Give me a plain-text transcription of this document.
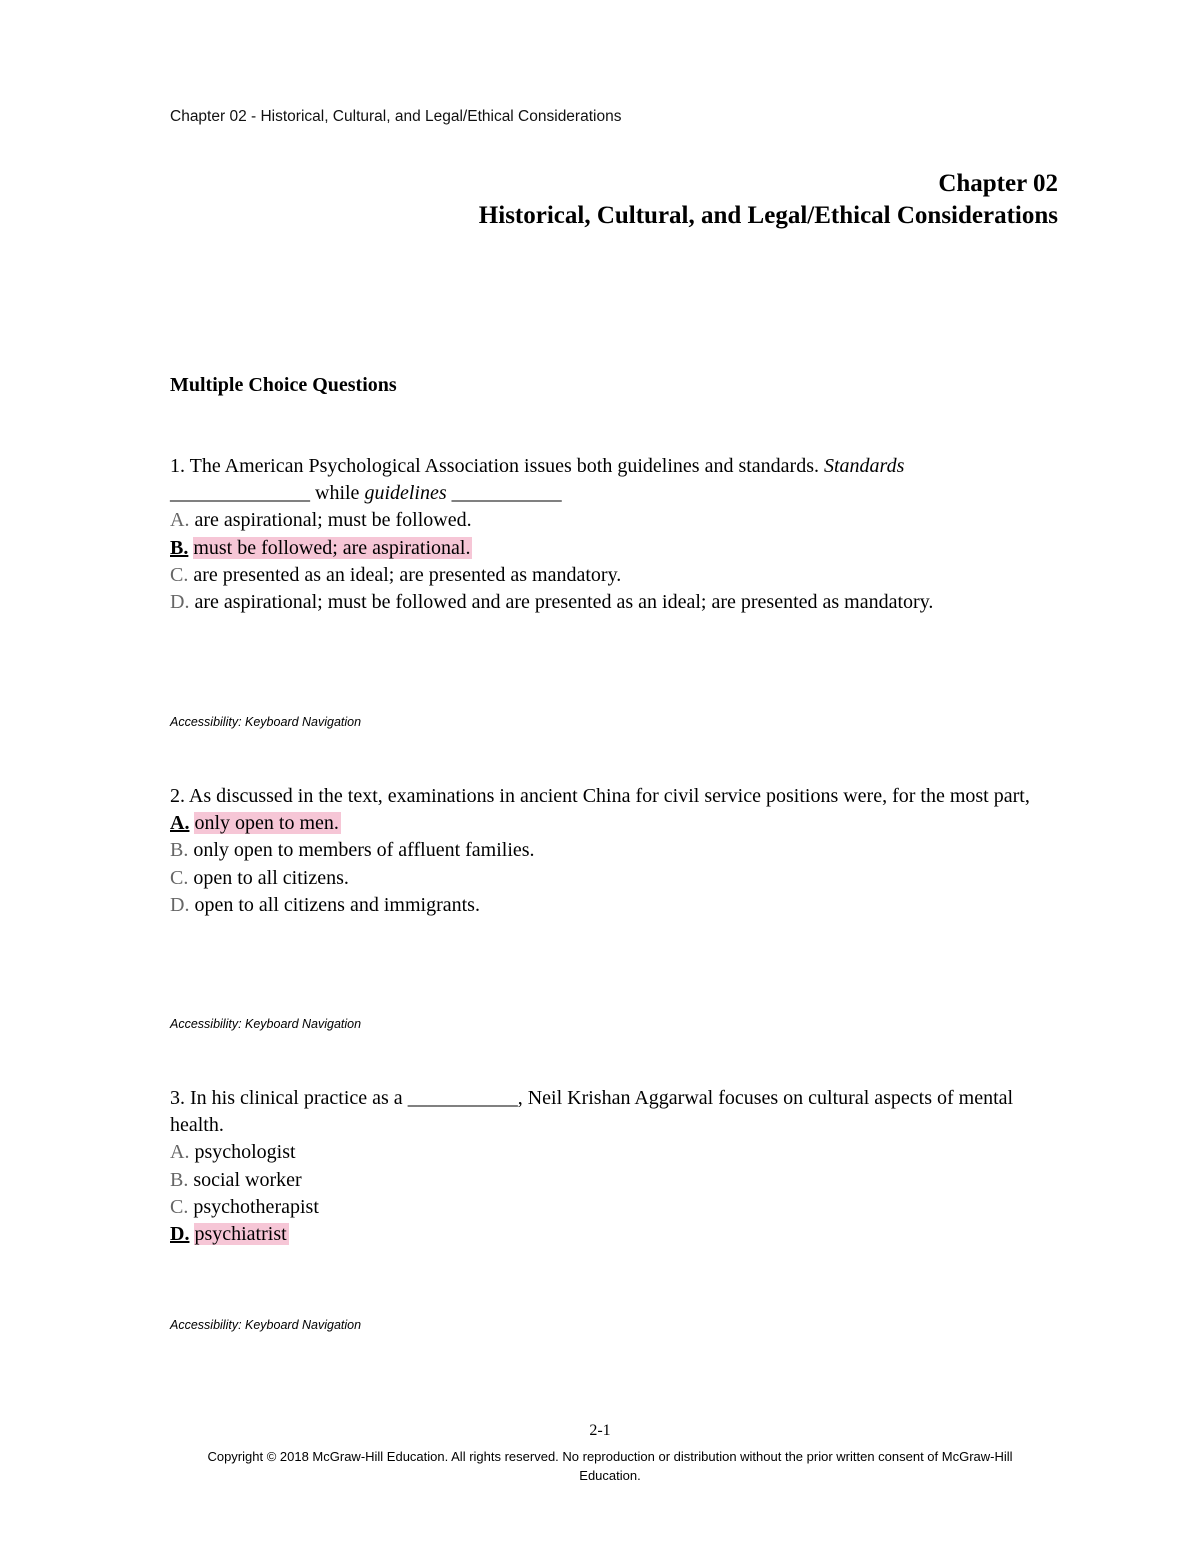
Chapter 02 - Historical, Cultural, and Legal/Ethical Considerations
Chapter 02
Historical, Cultural, and Legal/Ethical Considerations
Multiple Choice Questions
1. The American Psychological Association issues both guidelines and standards. Standards
______________ while guidelines ___________
A. are aspirational; must be followed.
B. must be followed; are aspirational.
C. are presented as an ideal; are presented as mandatory.
D. are aspirational; must be followed and are presented as an ideal; are presented as mandatory.
Accessibility: Keyboard Navigation
2. As discussed in the text, examinations in ancient China for civil service positions were, for the most part,
A. only open to men.
B. only open to members of affluent families.
C. open to all citizens.
D. open to all citizens and immigrants.
Accessibility: Keyboard Navigation
3. In his clinical practice as a ___________, Neil Krishan Aggarwal focuses on cultural aspects of mental health.
A. psychologist
B. social worker
C. psychotherapist
D. psychiatrist
Accessibility: Keyboard Navigation
2-1
Copyright © 2018 McGraw-Hill Education. All rights reserved. No reproduction or distribution without the prior written consent of McGraw-Hill Education.
